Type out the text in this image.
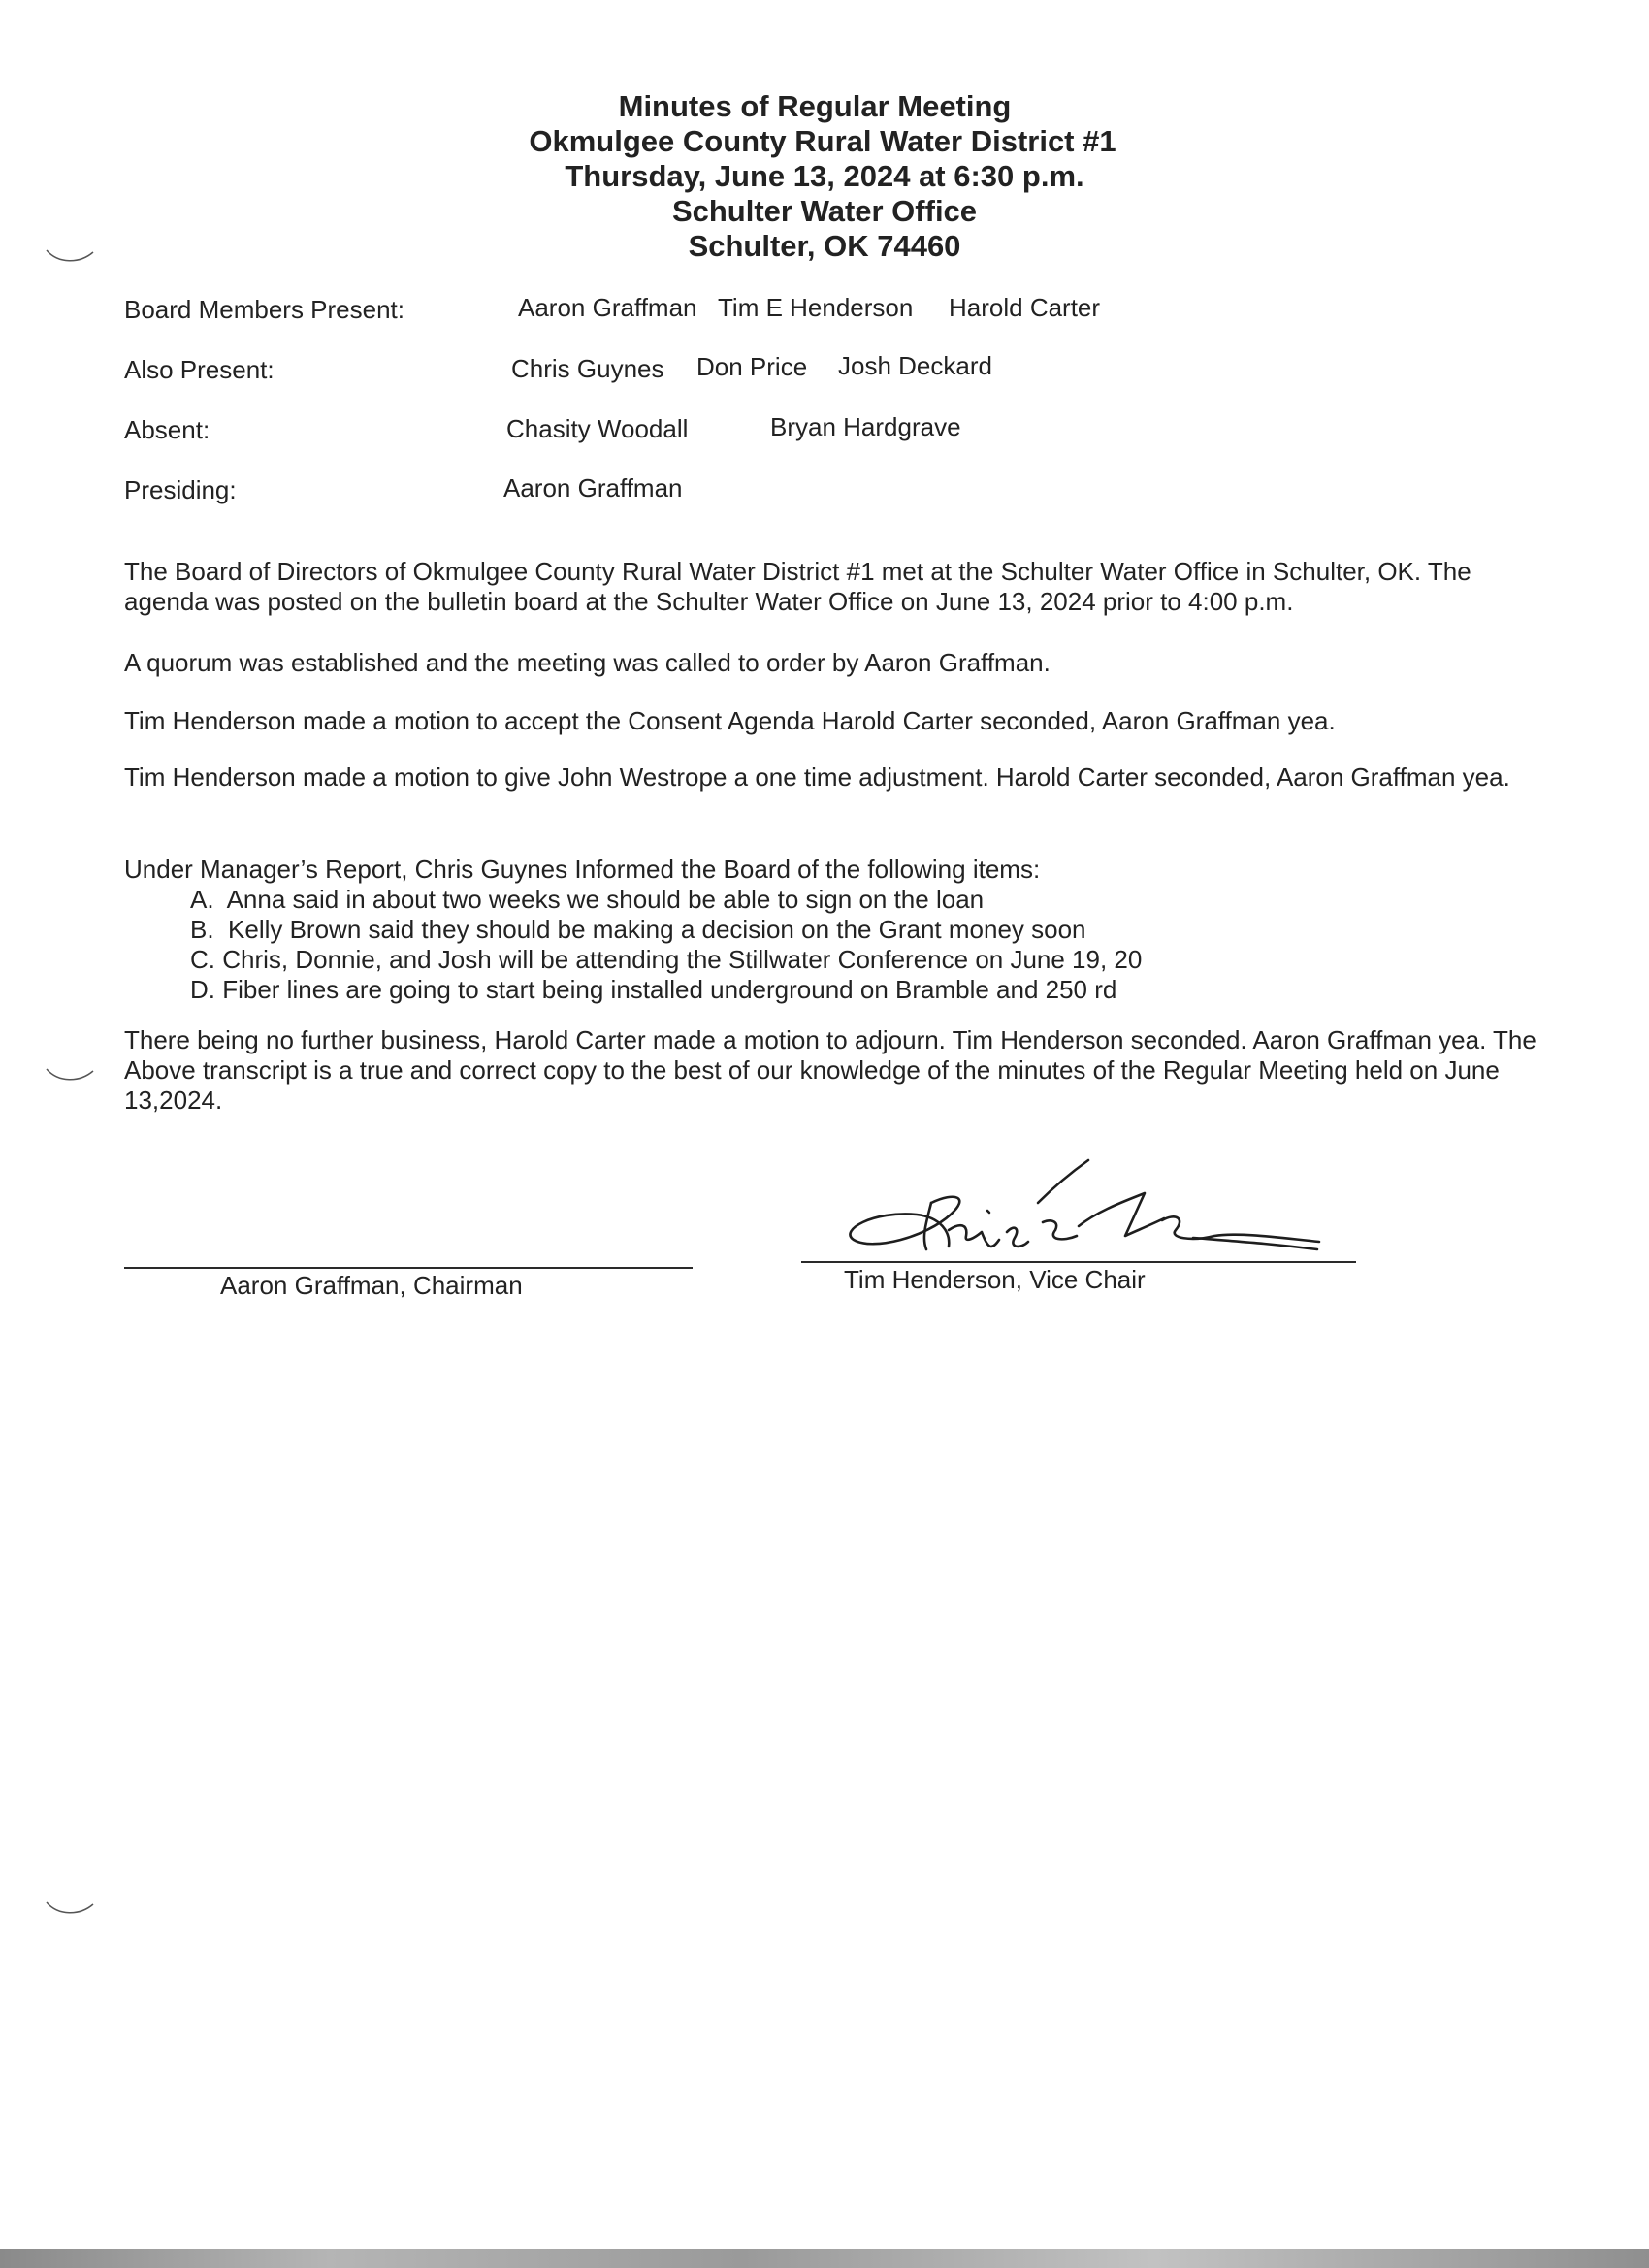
Minutes of Regular Meeting
Okmulgee County Rural Water District #1
Thursday, June 13, 2024 at 6:30 p.m.
Schulter Water Office
Schulter, OK 74460
Board Members Present:	Aaron Graffman Tim E Henderson Harold Carter
Also Present:	Chris Guynes Don Price Josh Deckard
Absent:	Chasity Woodall	Bryan Hardgrave
Presiding:	Aaron Graffman

The Board of Directors of Okmulgee County Rural Water District #1 met at the Schulter Water Office in Schulter, OK. The agenda was posted on the bulletin board at the Schulter Water Office on June 13, 2024 prior to 4:00 p.m.

A quorum was established and the meeting was called to order by Aaron Graffman.

Tim Henderson made a motion to accept the Consent Agenda Harold Carter seconded, Aaron Graffman yea.

Tim Henderson made a motion to give John Westrope a one time adjustment. Harold Carter seconded, Aaron Graffman yea.

Under Manager’s Report, Chris Guynes Informed the Board of the following items:
A.  Anna said in about two weeks we should be able to sign on the loan
B.  Kelly Brown said they should be making a decision on the Grant money soon
C. Chris, Donnie, and Josh will be attending the Stillwater Conference on June 19, 20
D. Fiber lines are going to start being installed underground on Bramble and 250 rd

There being no further business, Harold Carter made a motion to adjourn. Tim Henderson seconded. Aaron Graffman yea. The Above transcript is a true and correct copy to the best of our knowledge of the minutes of the Regular Meeting held on June 13,2024.

Aaron Graffman, Chairman	Tim Henderson, Vice Chair
